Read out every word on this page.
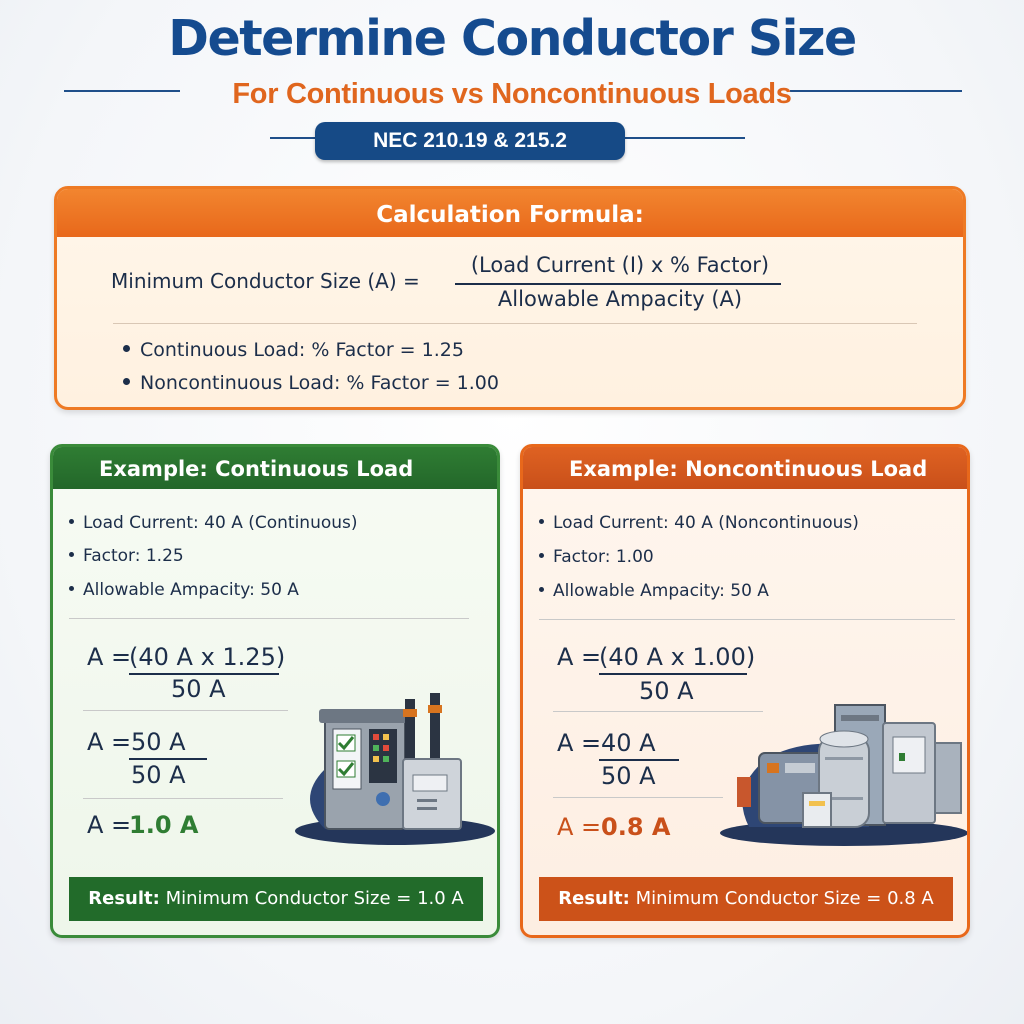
Determine Conductor Size
For Continuous vs Noncontinuous Loads
NEC 210.19 & 215.2
Calculation Formula:
Minimum Conductor Size (A) =
(Load Current (I) x % Factor)
Allowable Ampacity (A)
Continuous Load: % Factor = 1.25
Noncontinuous Load: % Factor = 1.00
Example: Continuous Load
Load Current: 40 A (Continuous)
Factor: 1.25
Allowable Ampacity: 50 A
A =
(40 A x 1.25)
50 A
A = 50 A
50 A
A =
1.0 A
Result: Minimum Conductor Size = 1.0 A
Example: Noncontinuous Load
Load Current: 40 A (Noncontinuous)
Factor: 1.00
Allowable Ampacity: 50 A
A =
(40 A x 1.00)
50 A
A = 40 A
50 A
A = 0.8 A
Result: Minimum Conductor Size = 0.8 A
